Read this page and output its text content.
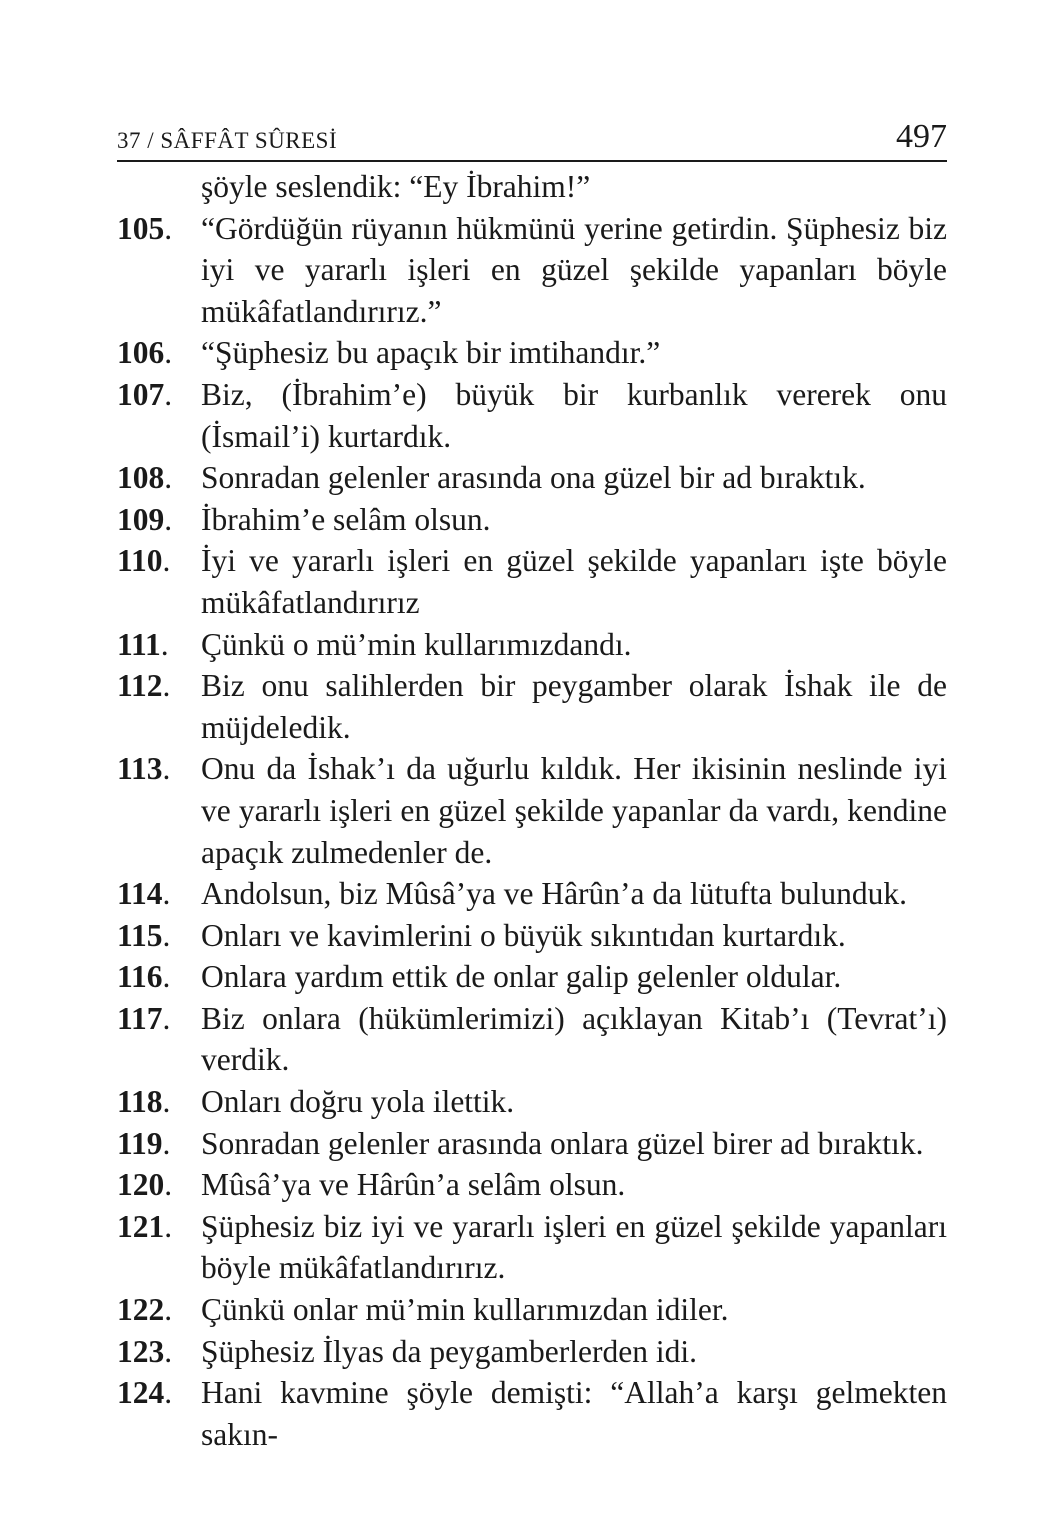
37 / SÂFFÂT SÛRESİ	497
şöyle seslendik: “Ey İbrahim!”
105. “Gördüğün rüyanın hükmünü yerine getirdin. Şüphesiz biz iyi ve yararlı işleri en güzel şekilde yapanları böyle mükâfatlandırırız.”
106. “Şüphesiz bu apaçık bir imtihandır.”
107. Biz, (İbrahim’e) büyük bir kurbanlık vererek onu (İsmail’i) kurtardık.
108. Sonradan gelenler arasında ona güzel bir ad bıraktık.
109. İbrahim’e selâm olsun.
110. İyi ve yararlı işleri en güzel şekilde yapanları işte böyle mükâfatlandırırız
111.	Çünkü o mü’min kullarımızdandı.
112. Biz onu salihlerden bir peygamber olarak İshak ile de müjdeledik.
113. Onu da İshak’ı da uğurlu kıldık. Her ikisinin neslinde iyi ve yararlı işleri en güzel şekilde yapanlar da vardı, kendine apaçık zulmedenler de.
114. Andolsun, biz Mûsâ’ya ve Hârûn’a da lütufta bulunduk.
115. Onları ve kavimlerini o büyük sıkıntıdan kurtardık.
116. Onlara yardım ettik de onlar galip gelenler oldular.
117. Biz onlara (hükümlerimizi) açıklayan Kitab’ı (Tevrat’ı) verdik.
118. Onları doğru yola ilettik.
119. Sonradan gelenler arasında onlara güzel birer ad bıraktık.
120. Mûsâ’ya ve Hârûn’a selâm olsun.
121. Şüphesiz biz iyi ve yararlı işleri en güzel şekilde yapanları böyle mükâfatlandırırız.
122. Çünkü onlar mü’min kullarımızdan idiler.
123. Şüphesiz İlyas da peygamberlerden idi.
124. Hani kavmine şöyle demişti: “Allah’a karşı gelmekten sakın-
